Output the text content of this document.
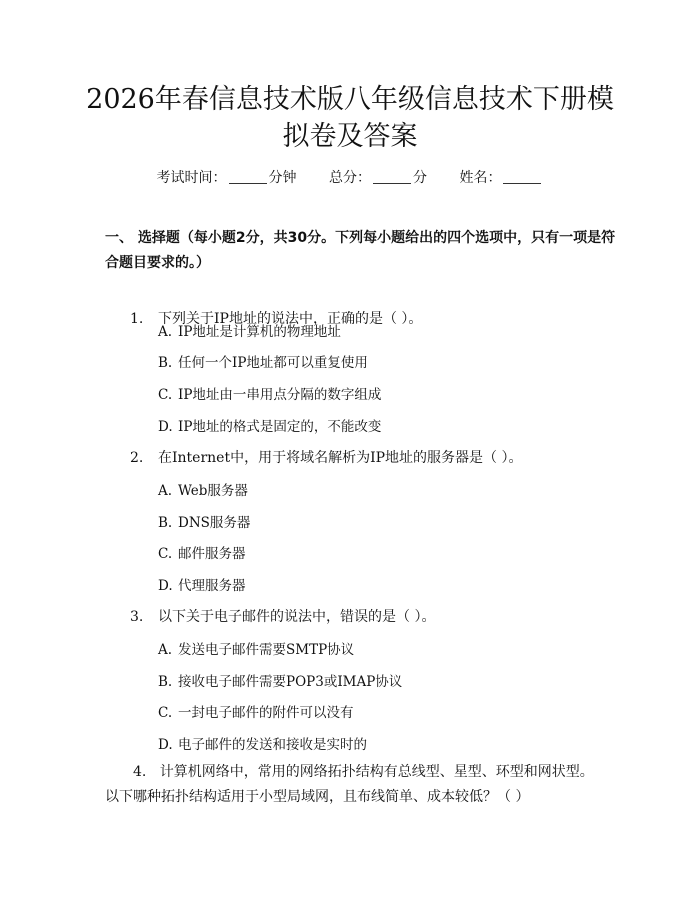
2026年春信息技术版八年级信息技术下册模
拟卷及答案
考试时间：	分钟 总分：	分 姓名：
一、 选择题（每小题2分，共30分。下列每小题给出的四个选项中，只有一项是符合题目要求的。）
1. 下列关于IP地址的说法中，正确的是（ ）。
A. IP地址是计算机的物理地址
B. 任何一个IP地址都可以重复使用
C. IP地址由一串用点分隔的数字组成
D. IP地址的格式是固定的，不能改变
2. 在Internet中，用于将域名解析为IP地址的服务器是（ ）。
A. Web服务器
B. DNS服务器
C. 邮件服务器
D. 代理服务器
3. 以下关于电子邮件的说法中，错误的是（ ）。
A. 发送电子邮件需要SMTP协议
B. 接收电子邮件需要POP3或IMAP协议
C. 一封电子邮件的附件可以没有
D. 电子邮件的发送和接收是实时的
4. 计算机网络中，常用的网络拓扑结构有总线型、星型、环型和网状型。以下哪种拓扑结构适用于小型局域网，且布线简单、成本较低？（ ）
